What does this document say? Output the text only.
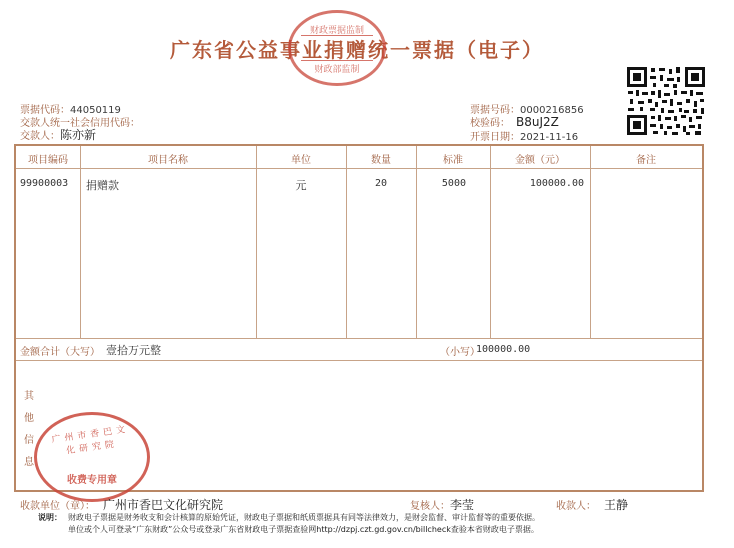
广东省公益事业捐赠统一票据（电子）
财政票据监制
财政部监制
票据代码：44050119
交款人统一社会信用代码：
交款人：陈亦新
票据号码：0000216856
校验码： B8uJ2Z
开票日期：2021-11-16
项目编码	项目名称	单位	数量	标准	金额（元）	备注
99900003 捐赠款	元	20	5000	100000.00
金额合计（大写） 壹拾万元整	（小写）
100000.00
其
他
信
息
广州市香巴文化研究院
收费专用章
收款单位（章）： 广州市香巴文化研究院	复核人：李莹	收款人： 王静
说明： 财政电子票据是财务收支和会计核算的原始凭证，财政电子票据和纸质票据具有同等法律效力，是财会监督、审计监督等的重要依据。
单位或个人可登录“广东财政”公众号或登录广东省财政电子票据查验网http://dzpj.czt.gd.gov.cn/billcheck查验本省财政电子票据。
